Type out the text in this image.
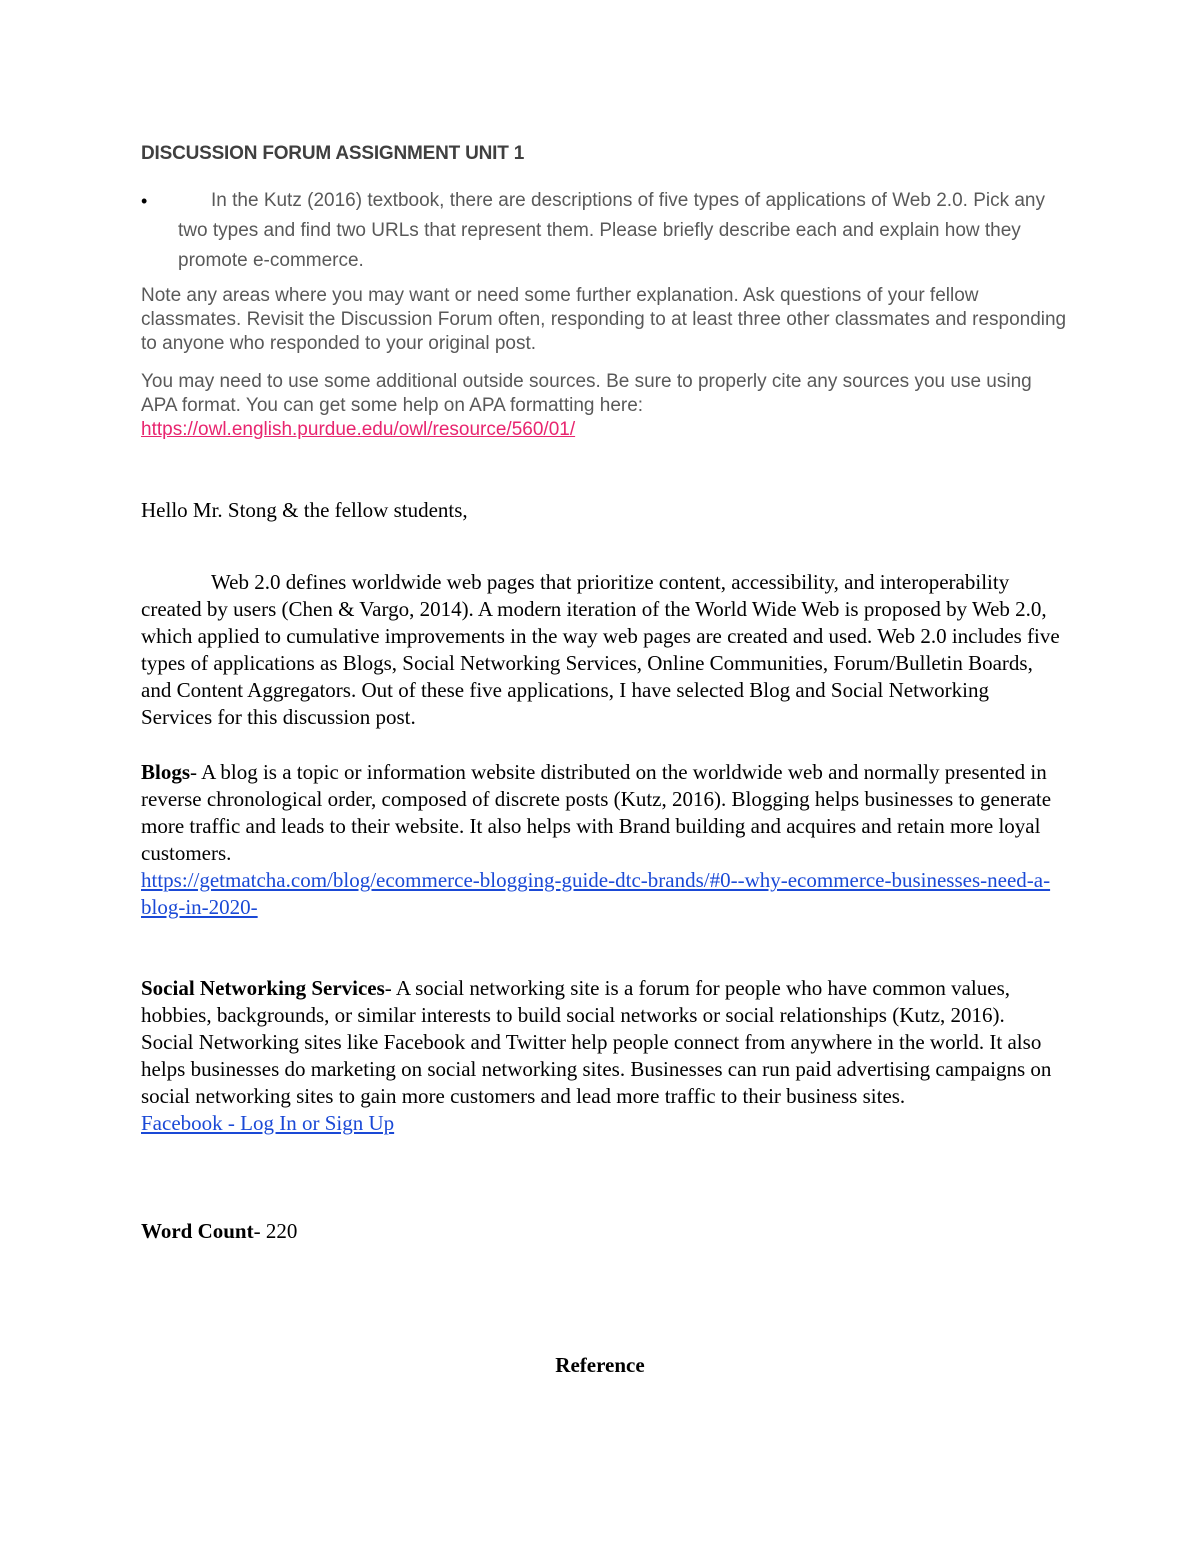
DISCUSSION FORUM ASSIGNMENT UNIT 1
•	In the Kutz (2016) textbook, there are descriptions of five types of applications of Web 2.0. Pick any two types and find two URLs that represent them. Please briefly describe each and explain how they promote e-commerce.
Note any areas where you may want or need some further explanation. Ask questions of your fellow classmates. Revisit the Discussion Forum often, responding to at least three other classmates and responding to anyone who responded to your original post.
You may need to use some additional outside sources. Be sure to properly cite any sources you use using APA format. You can get some help on APA formatting here: https://owl.english.purdue.edu/owl/resource/560/01/
Hello Mr. Stong & the fellow students,
Web 2.0 defines worldwide web pages that prioritize content, accessibility, and interoperability created by users (Chen & Vargo, 2014). A modern iteration of the World Wide Web is proposed by Web 2.0, which applied to cumulative improvements in the way web pages are created and used. Web 2.0 includes five types of applications as Blogs, Social Networking Services, Online Communities, Forum/Bulletin Boards, and Content Aggregators. Out of these five applications, I have selected Blog and Social Networking Services for this discussion post.
Blogs- A blog is a topic or information website distributed on the worldwide web and normally presented in reverse chronological order, composed of discrete posts (Kutz, 2016). Blogging helps businesses to generate more traffic and leads to their website. It also helps with Brand building and acquires and retain more loyal customers.
https://getmatcha.com/blog/ecommerce-blogging-guide-dtc-brands/#0--why-ecommerce-businesses-need-a-blog-in-2020-
Social Networking Services- A social networking site is a forum for people who have common values, hobbies, backgrounds, or similar interests to build social networks or social relationships (Kutz, 2016). Social Networking sites like Facebook and Twitter help people connect from anywhere in the world. It also helps businesses do marketing on social networking sites. Businesses can run paid advertising campaigns on social networking sites to gain more customers and lead more traffic to their business sites.
Facebook - Log In or Sign Up
Word Count- 220
Reference
